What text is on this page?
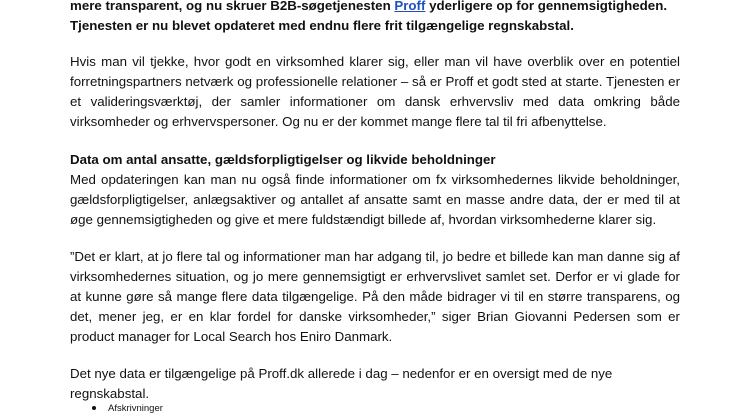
mere transparent, og nu skruer B2B-søgetjenesten Proff yderligere op for gennemsigtigheden. Tjenesten er nu blevet opdateret med endnu flere frit tilgængelige regnskabstal.

Hvis man vil tjekke, hvor godt en virksomhed klarer sig, eller man vil have overblik over en potentiel forretningspartners netværk og professionelle relationer – så er Proff et godt sted at starte. Tjenesten er et valideringsværktøj, der samler informationer om dansk erhvervsliv med data omkring både virksomheder og erhvervspersoner. Og nu er der kommet mange flere tal til fri afbenyttelse.

Data om antal ansatte, gældsforpligtigelser og likvide beholdninger

Med opdateringen kan man nu også finde informationer om fx virksomhedernes likvide beholdninger, gældsforpligtigelser, anlægsaktiver og antallet af ansatte samt en masse andre data, der er med til at øge gennemsigtigheden og give et mere fuldstændigt billede af, hvordan virksomhederne klarer sig.

”Det er klart, at jo flere tal og informationer man har adgang til, jo bedre et billede kan man danne sig af virksomhedernes situation, og jo mere gennemsigtigt er erhvervslivet samlet set. Derfor er vi glade for at kunne gøre så mange flere data tilgængelige. På den måde bidrager vi til en større transparens, og det, mener jeg, er en klar fordel for danske virksomheder,” siger Brian Giovanni Pedersen som er product manager for Local Search hos Eniro Danmark.

Det nye data er tilgængelige på Proff.dk allerede i dag – nedenfor er en oversigt med de nye regnskabstal.

Afskrivninger
